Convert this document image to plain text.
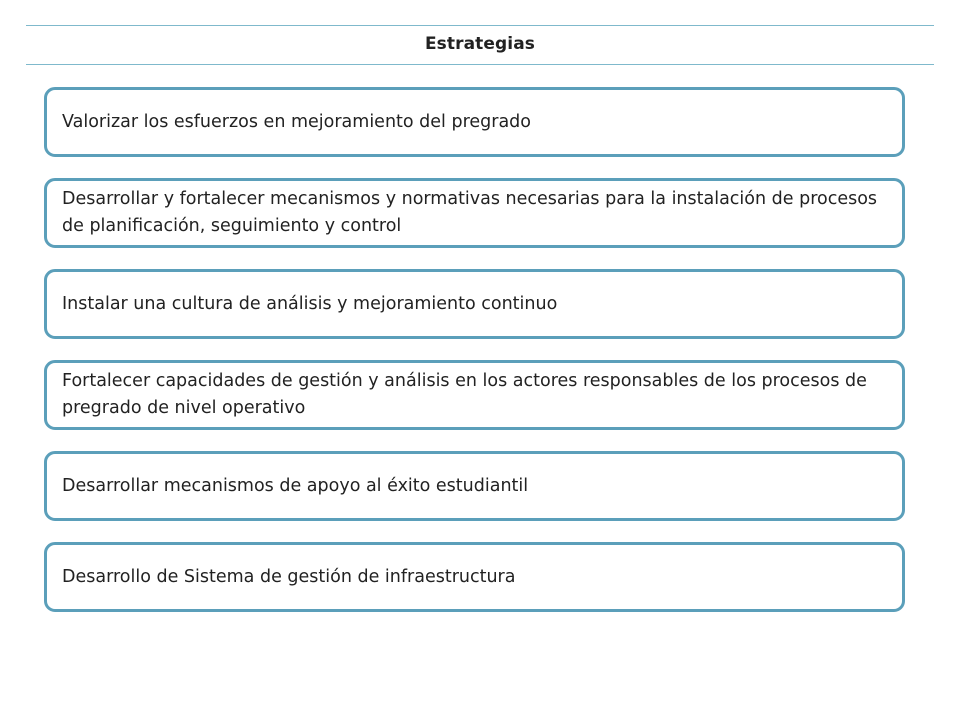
Estrategias
Valorizar los esfuerzos en mejoramiento del pregrado
Desarrollar y fortalecer mecanismos y normativas necesarias para la instalación de procesos de planificación, seguimiento y control
Instalar una cultura de análisis y mejoramiento continuo
Fortalecer capacidades de gestión y análisis en los actores responsables de los procesos de pregrado de nivel operativo
Desarrollar mecanismos de apoyo al éxito estudiantil
Desarrollo de Sistema de gestión de infraestructura
